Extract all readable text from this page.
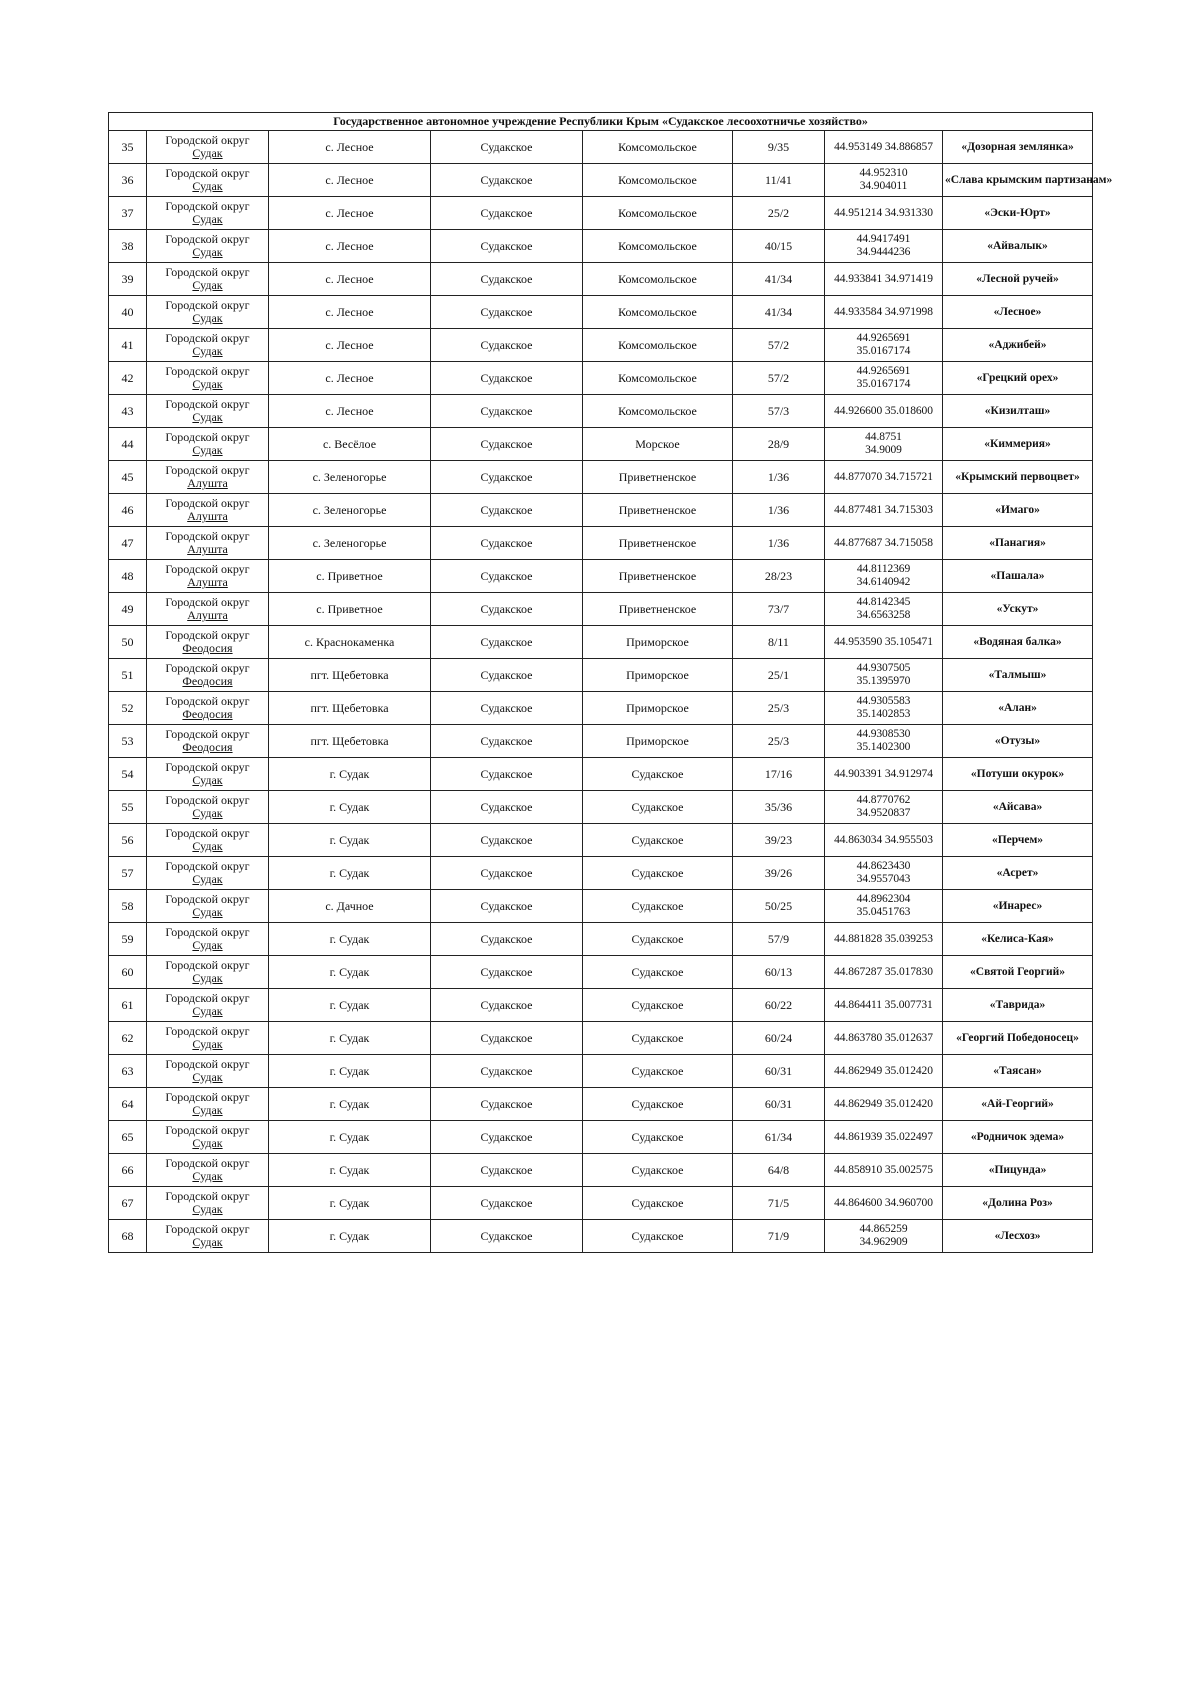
Государственное автономное учреждение Республики Крым «Судакское лесоохотничье хозяйство»							
35	Городской округ
Судак	с. Лесное	Судакское	Комсомольское	9/35	44.953149 34.886857	«Дозорная землянка»
36	Городской округ
Судак	с. Лесное	Судакское	Комсомольское	11/41	44.952310
34.904011	«Слава крымским партизанам»
37	Городской округ
Судак	с. Лесное	Судакское	Комсомольское	25/2	44.951214 34.931330	«Эски-Юрт»
38	Городской округ
Судак	с. Лесное	Судакское	Комсомольское	40/15	44.9417491
34.9444236	«Айвалык»
39	Городской округ
Судак	с. Лесное	Судакское	Комсомольское	41/34	44.933841 34.971419	«Лесной ручей»
40	Городской округ
Судак	с. Лесное	Судакское	Комсомольское	41/34	44.933584 34.971998	«Лесное»
41	Городской округ
Судак	с. Лесное	Судакское	Комсомольское	57/2	44.9265691
35.0167174	«Аджибей»
42	Городской округ
Судак	с. Лесное	Судакское	Комсомольское	57/2	44.9265691
35.0167174	«Грецкий орех»
43	Городской округ
Судак	с. Лесное	Судакское	Комсомольское	57/3	44.926600 35.018600	«Кизилташ»
44	Городской округ
Судак	с. Весёлое	Судакское	Морское	28/9	44.8751
34.9009	«Киммерия»
45	Городской округ
Алушта	с. Зеленогорье	Судакское	Приветненское	1/36	44.877070 34.715721	«Крымский первоцвет»
46	Городской округ
Алушта	с. Зеленогорье	Судакское	Приветненское	1/36	44.877481 34.715303	«Имаго»
47	Городской округ
Алушта	с. Зеленогорье	Судакское	Приветненское	1/36	44.877687 34.715058	«Панагия»
48	Городской округ
Алушта	с. Приветное	Судакское	Приветненское	28/23	44.8112369
34.6140942	«Пашала»
49	Городской округ
Алушта	с. Приветное	Судакское	Приветненское	73/7	44.8142345
34.6563258	«Ускут»
50	Городской округ
Феодосия	с. Краснокаменка	Судакское	Приморское	8/11	44.953590 35.105471	«Водяная балка»
51	Городской округ
Феодосия	пгт. Щебетовка	Судакское	Приморское	25/1	44.9307505
35.1395970	«Талмыш»
52	Городской округ
Феодосия	пгт. Щебетовка	Судакское	Приморское	25/3	44.9305583
35.1402853	«Алан»
53	Городской округ
Феодосия	пгт. Щебетовка	Судакское	Приморское	25/3	44.9308530
35.1402300	«Отузы»
54	Городской округ
Судак	г. Судак	Судакское	Судакское	17/16	44.903391 34.912974	«Потуши окурок»
55	Городской округ
Судак	г. Судак	Судакское	Судакское	35/36	44.8770762
34.9520837	«Айсава»
56	Городской округ
Судак	г. Судак	Судакское	Судакское	39/23	44.863034 34.955503	«Перчем»
57	Городской округ
Судак	г. Судак	Судакское	Судакское	39/26	44.8623430
34.9557043	«Асрет»
58	Городской округ
Судак	с. Дачное	Судакское	Судакское	50/25	44.8962304
35.0451763	«Инарес»
59	Городской округ
Судак	г. Судак	Судакское	Судакское	57/9	44.881828 35.039253	«Келиса-Кая»
60	Городской округ
Судак	г. Судак	Судакское	Судакское	60/13	44.867287 35.017830	«Святой Георгий»
61	Городской округ
Судак	г. Судак	Судакское	Судакское	60/22	44.864411 35.007731	«Таврида»
62	Городской округ
Судак	г. Судак	Судакское	Судакское	60/24	44.863780 35.012637	«Георгий Победоносец»
63	Городской округ
Судак	г. Судак	Судакское	Судакское	60/31	44.862949 35.012420	«Таясан»
64	Городской округ
Судак	г. Судак	Судакское	Судакское	60/31	44.862949 35.012420	«Ай-Георгий»
65	Городской округ
Судак	г. Судак	Судакское	Судакское	61/34	44.861939 35.022497	«Родничок эдема»
66	Городской округ
Судак	г. Судак	Судакское	Судакское	64/8	44.858910 35.002575	«Пицунда»
67	Городской округ
Судак	г. Судак	Судакское	Судакское	71/5	44.864600 34.960700	«Долина Роз»
68	Городской округ
Судак	г. Судак	Судакское	Судакское	71/9	44.865259
34.962909	«Лесхоз»
